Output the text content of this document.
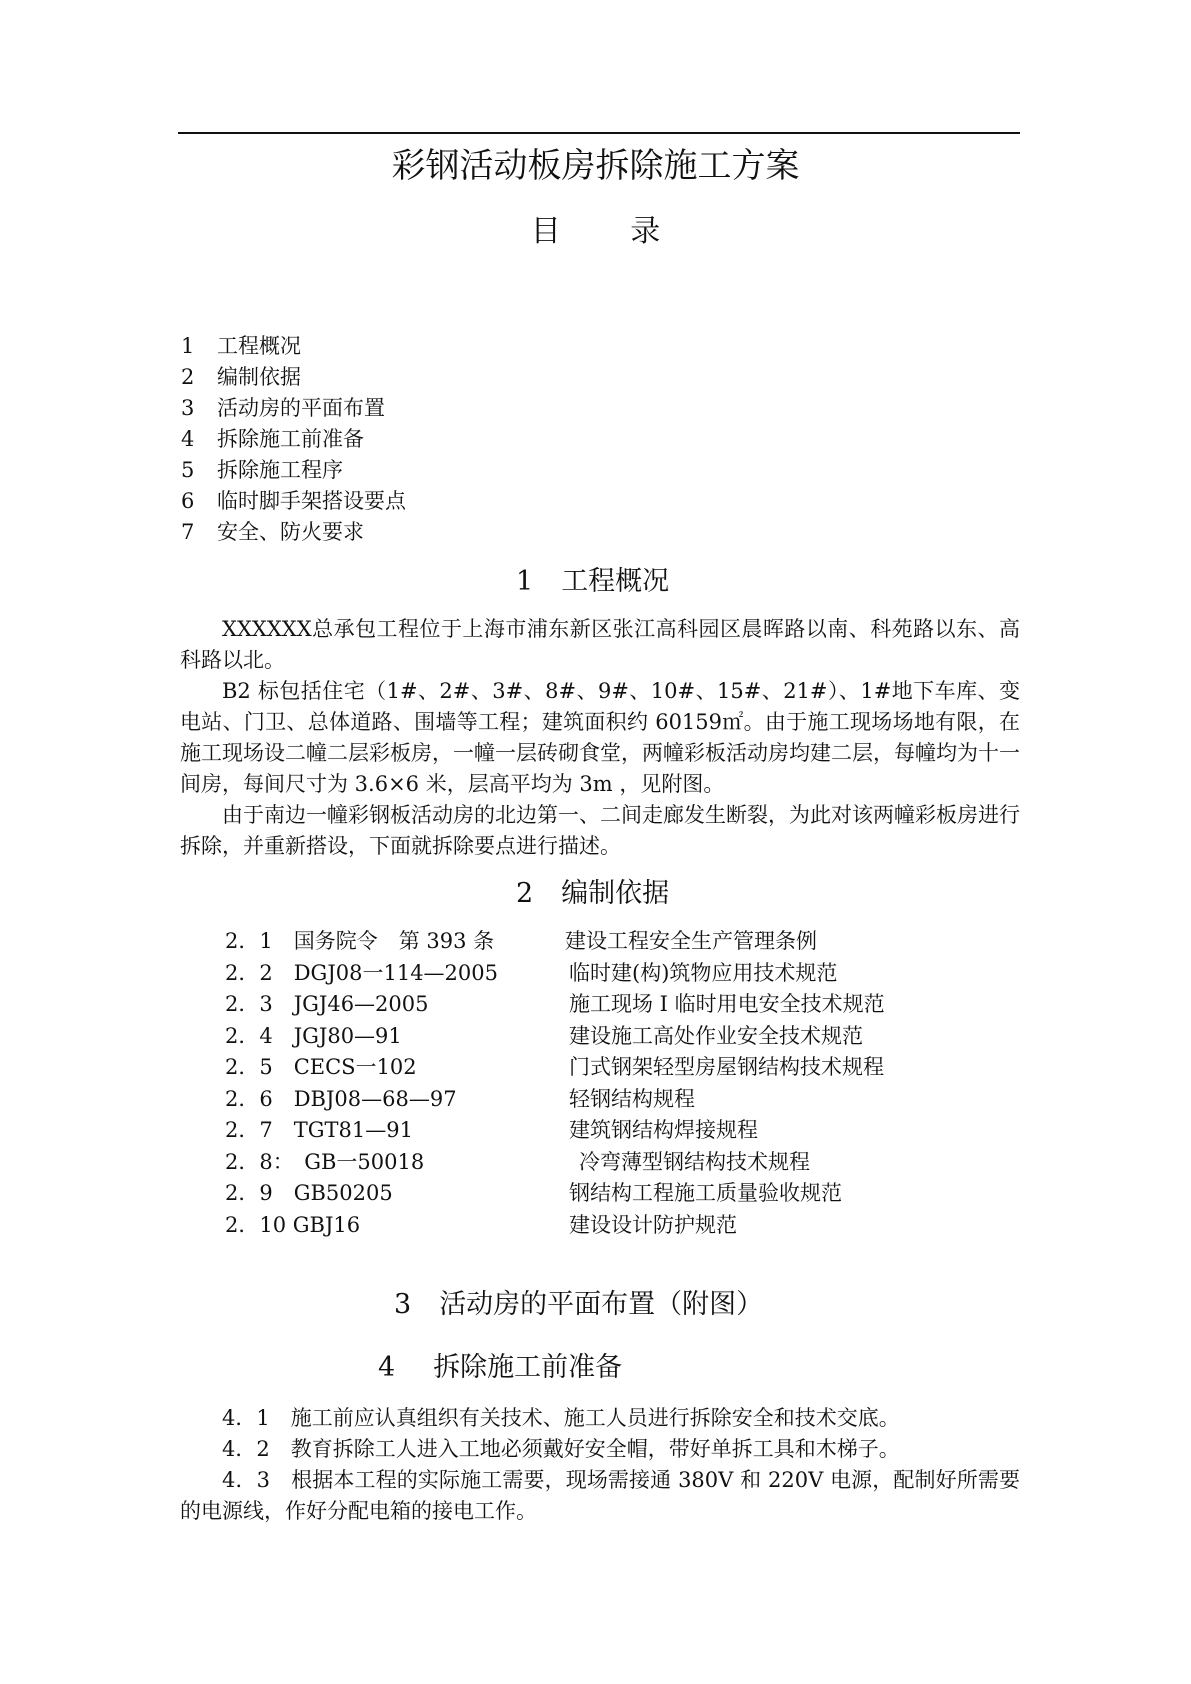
彩钢活动板房拆除施工方案
目 录
1 工程概况
2 编制依据
3 活动房的平面布置
4 拆除施工前准备
5 拆除施工程序
6 临时脚手架搭设要点
7 安全、防火要求
1 工程概况

XXXXXX总承包工程位于上海市浦东新区张江高科园区晨晖路以南、科苑路以东、高科路以北。

B2 标包括住宅（1#、2#、3#、8#、9#、10#、15#、21#）、1#地下车库、变电站、门卫、总体道路、围墙等工程；建筑面积约 60159㎡。由于施工现场场地有限，在施工现场设二幢二层彩板房，一幢一层砖砌食堂，两幢彩板活动房均建二层，每幢均为十一间房，每间尺寸为 3.6×6 米，层高平均为 3m ，见附图。

由于南边一幢彩钢板活动房的北边第一、二间走廊发生断裂，为此对该两幢彩板房进行拆除，并重新搭设，下面就拆除要点进行描述。

2 编制依据
2．1　国务院令　第 393 条	建设工程安全生产管理条例
2．2　DGJ08一114—2005	临时建(构)筑物应用技术规范
2．3　JGJ46—2005	施工现场 I 临时用电安全技术规范
2．4　JGJ80—91	建设施工高处作业安全技术规范
2．5　CECS一102	门式钢架轻型房屋钢结构技术规程
2．6　DBJ08—68—97	轻钢结构规程
2．7　TGT81—91	建筑钢结构焊接规程
2．8：　GB一50018	冷弯薄型钢结构技术规程
2．9　GB50205	钢结构工程施工质量验收规范
2．10 GBJ16	建设设计防护规范
3 活动房的平面布置（附图）
4 拆除施工前准备

4．1　施工前应认真组织有关技术、施工人员进行拆除安全和技术交底。

4．2　教育拆除工人进入工地必须戴好安全帽，带好单拆工具和木梯子。

4．3　根据本工程的实际施工需要，现场需接通 380V 和 220V 电源，配制好所需要的电源线，作好分配电箱的接电工作。
